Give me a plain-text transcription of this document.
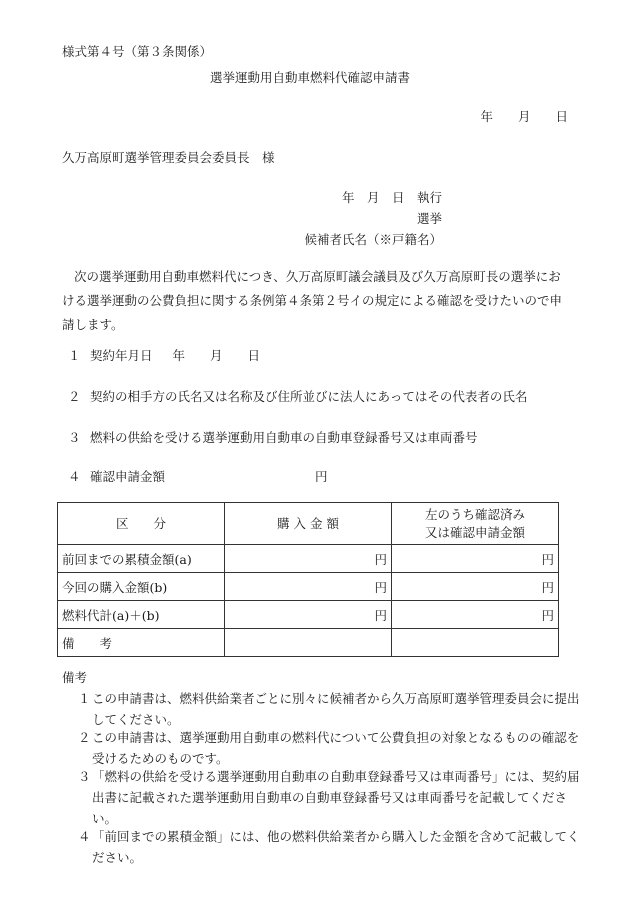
様式第４号（第３条関係）
選挙運動用自動車燃料代確認申請書
年　　月　　日
久万高原町選挙管理委員会委員長　様
年　月　日　執行
選挙
候補者氏名（※戸籍名）
次の選挙運動用自動車燃料代につき、久万高原町議会議員及び久万高原町長の選挙における選挙運動の公費負担に関する条例第４条第２号イの規定による確認を受けたいので申請します。
１ 契約年月日 年　　月　　日
２ 契約の相手方の氏名又は名称及び住所並びに法人にあってはその代表者の氏名
３ 燃料の供給を受ける選挙運動用自動車の自動車登録番号又は車両番号
４ 確認申請金額	円
区　　分	購 入 金 額	左のうち確認済み
又は確認申請金額
前回までの累積金額(a)	円	円
今回の購入金額(b)	円	円
燃料代計(a)＋(b)	円	円
備　　考		
備考
１この申請書は、燃料供給業者ごとに別々に候補者から久万高原町選挙管理委員会に提出してください。
２この申請書は、選挙運動用自動車の燃料代について公費負担の対象となるものの確認を受けるためのものです。
３「燃料の供給を受ける選挙運動用自動車の自動車登録番号又は車両番号」には、契約届出書に記載された選挙運動用自動車の自動車登録番号又は車両番号を記載してください。
４「前回までの累積金額」には、他の燃料供給業者から購入した金額を含めて記載してください。
